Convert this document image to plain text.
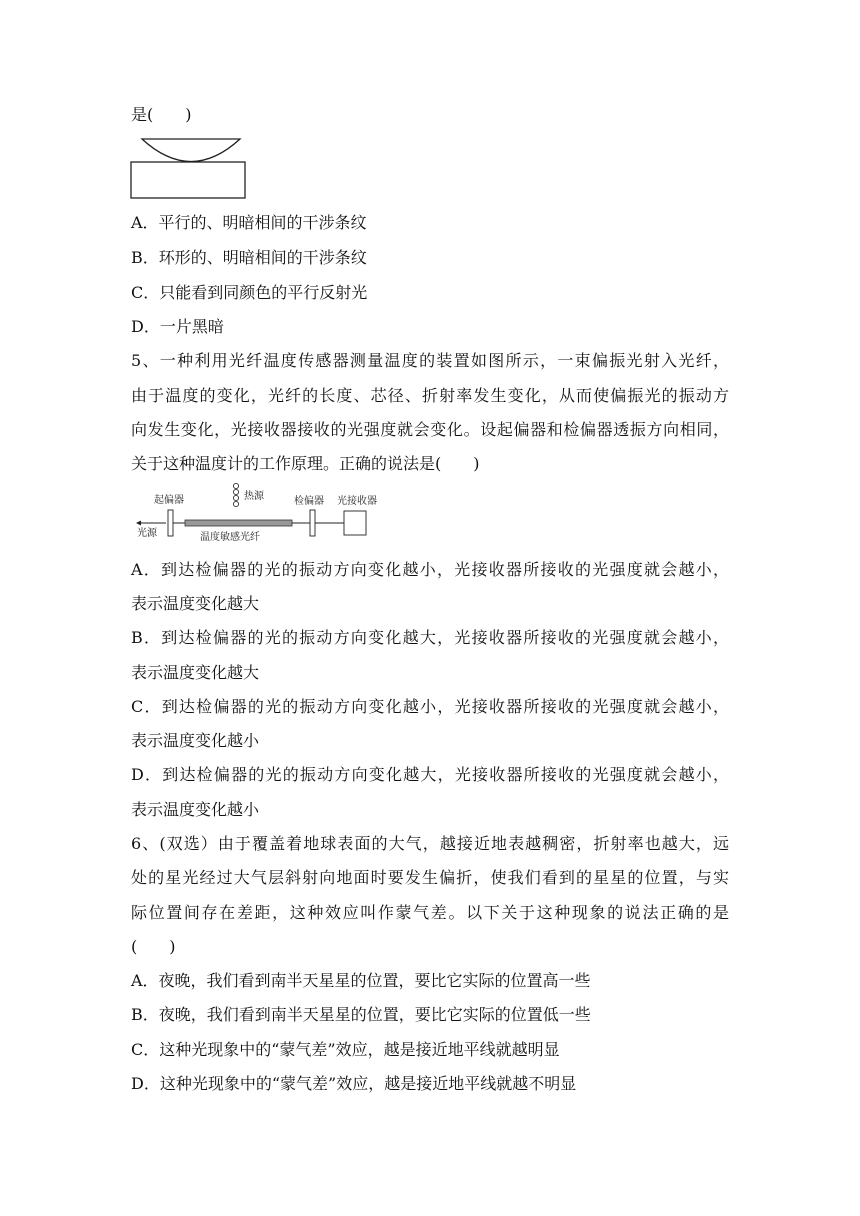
是(　　)
A．平行的、明暗相间的干涉条纹
B．环形的、明暗相间的干涉条纹
C．只能看到同颜色的平行反射光
D．一片黑暗
5、一种利用光纤温度传感器测量温度的装置如图所示，一束偏振光射入光纤，
由于温度的变化，光纤的长度、芯径、折射率发生变化，从而使偏振光的振动方
向发生变化，光接收器接收的光强度就会变化。设起偏器和检偏器透振方向相同，
关于这种温度计的工作原理。正确的说法是(　　)
起偏器	热源	检偏器 光接收器
光源	温度敏感光纤
A．到达检偏器的光的振动方向变化越小，光接收器所接收的光强度就会越小，
表示温度变化越大
B．到达检偏器的光的振动方向变化越大，光接收器所接收的光强度就会越小，
表示温度变化越大
C．到达检偏器的光的振动方向变化越小，光接收器所接收的光强度就会越小，
表示温度变化越小
D．到达检偏器的光的振动方向变化越大，光接收器所接收的光强度就会越小，
表示温度变化越小
6、(双选）由于覆盖着地球表面的大气，越接近地表越稠密，折射率也越大，远
处的星光经过大气层斜射向地面时要发生偏折，使我们看到的星星的位置，与实
际位置间存在差距，这种效应叫作蒙气差。以下关于这种现象的说法正确的是
(　　)
A．夜晚，我们看到南半天星星的位置，要比它实际的位置高一些
B．夜晚，我们看到南半天星星的位置，要比它实际的位置低一些
C．这种光现象中的“蒙气差”效应，越是接近地平线就越明显
D．这种光现象中的“蒙气差”效应，越是接近地平线就越不明显
